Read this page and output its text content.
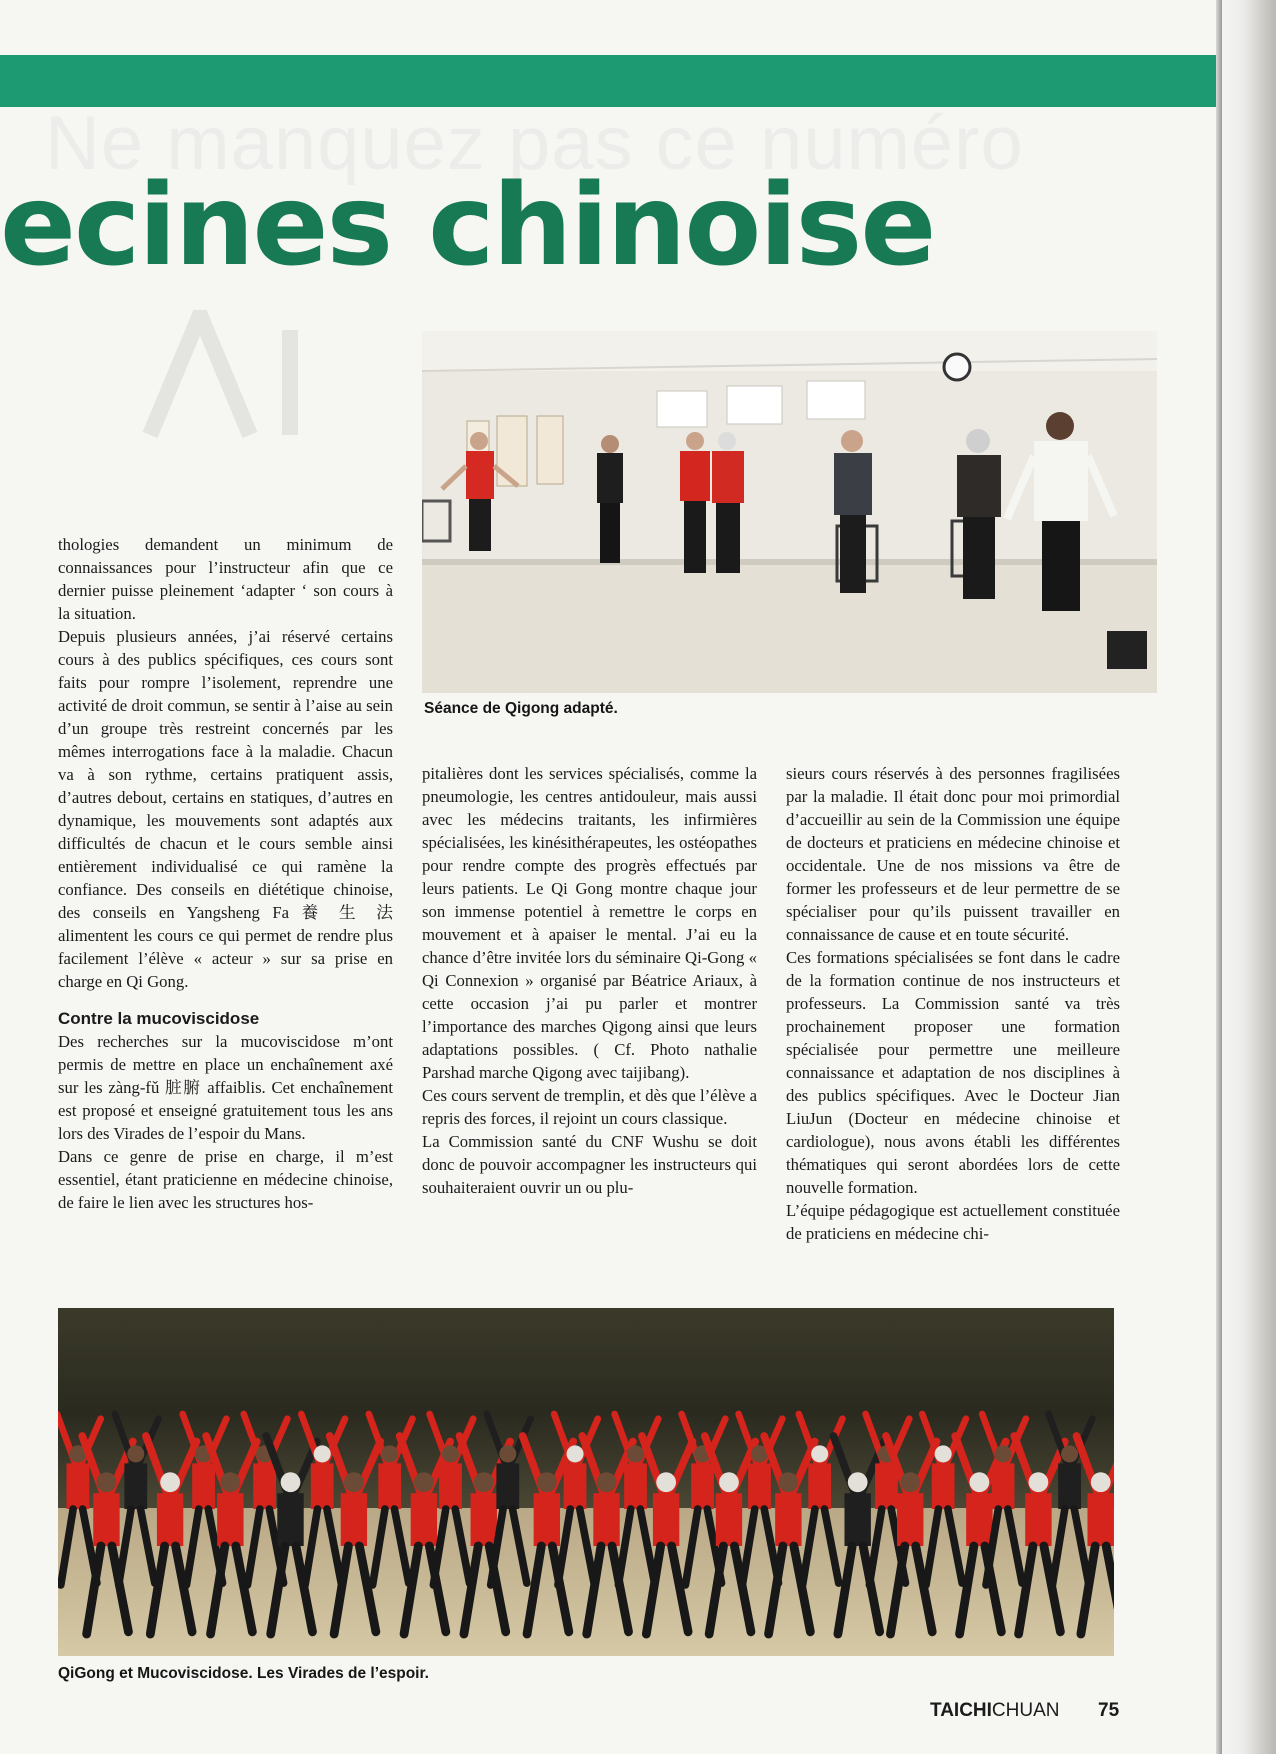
Ne manquez pas ce numéro
ecines chinoise
Séance de Qigong adapté.

thologies demandent un minimum de connaissances pour l’instructeur afin que ce dernier puisse pleinement ‘adapter ‘ son cours à la situation.

Depuis plusieurs années, j’ai réservé certains cours à des publics spécifiques, ces cours sont faits pour rompre l’isolement, reprendre une activité de droit commun, se sentir à l’aise au sein d’un groupe très restreint concernés par les mêmes interrogations face à la maladie. Chacun va à son rythme, certains pratiquent assis, d’autres debout, certains en statiques, d’autres en dynamique, les mouvements sont adaptés aux difficultés de chacun et le cours semble ainsi entièrement individualisé ce qui ramène la confiance. Des conseils en diététique chinoise, des conseils en Yangsheng Fa 養 生 法 alimentent les cours ce qui permet de rendre plus facilement l’élève « acteur » sur sa prise en charge en Qi Gong.

Contre la mucoviscidose

Des recherches sur la mucoviscidose m’ont permis de mettre en place un enchaînement axé sur les zàng-fǔ 脏腑 affaiblis. Cet enchaînement est proposé et enseigné gratuitement tous les ans lors des Virades de l’espoir du Mans.

Dans ce genre de prise en charge, il m’est essentiel, étant praticienne en médecine chinoise, de faire le lien avec les structures hos-

pitalières dont les services spécialisés, comme la pneumologie, les centres antidouleur, mais aussi avec les médecins traitants, les infirmières spécialisées, les kinésithérapeutes, les ostéopathes pour rendre compte des progrès effectués par leurs patients. Le Qi Gong montre chaque jour son immense potentiel à remettre le corps en mouvement et à apaiser le mental. J’ai eu la chance d’être invitée lors du séminaire Qi-Gong « Qi Connexion » organisé par Béatrice Ariaux, à cette occasion j’ai pu parler et montrer l’importance des marches Qigong ainsi que leurs adaptations possibles. ( Cf. Photo nathalie Parshad marche Qigong avec taijibang).

Ces cours servent de tremplin, et dès que l’élève a repris des forces, il rejoint un cours classique.

La Commission santé du CNF Wushu se doit donc de pouvoir accompagner les instructeurs qui souhaiteraient ouvrir un ou plu-

sieurs cours réservés à des personnes fragilisées par la maladie. Il était donc pour moi primordial d’accueillir au sein de la Commission une équipe de docteurs et praticiens en médecine chinoise et occidentale. Une de nos missions va être de former les professeurs et de leur permettre de se spécialiser pour qu’ils puissent travailler en connaissance de cause et en toute sécurité.

Ces formations spécialisées se font dans le cadre de la formation continue de nos instructeurs et professeurs. La Commission santé va très prochainement proposer une formation spécialisée pour permettre une meilleure connaissance et adaptation de nos disciplines à des publics spécifiques. Avec le Docteur Jian LiuJun (Docteur en médecine chinoise et cardiologue), nous avons établi les différentes thématiques qui seront abordées lors de cette nouvelle formation.

L’équipe pédagogique est actuellement constituée de praticiens en médecine chi-

QiGong et Mucoviscidose. Les Virades de l’espoir.
TAICHICHUAN 75
